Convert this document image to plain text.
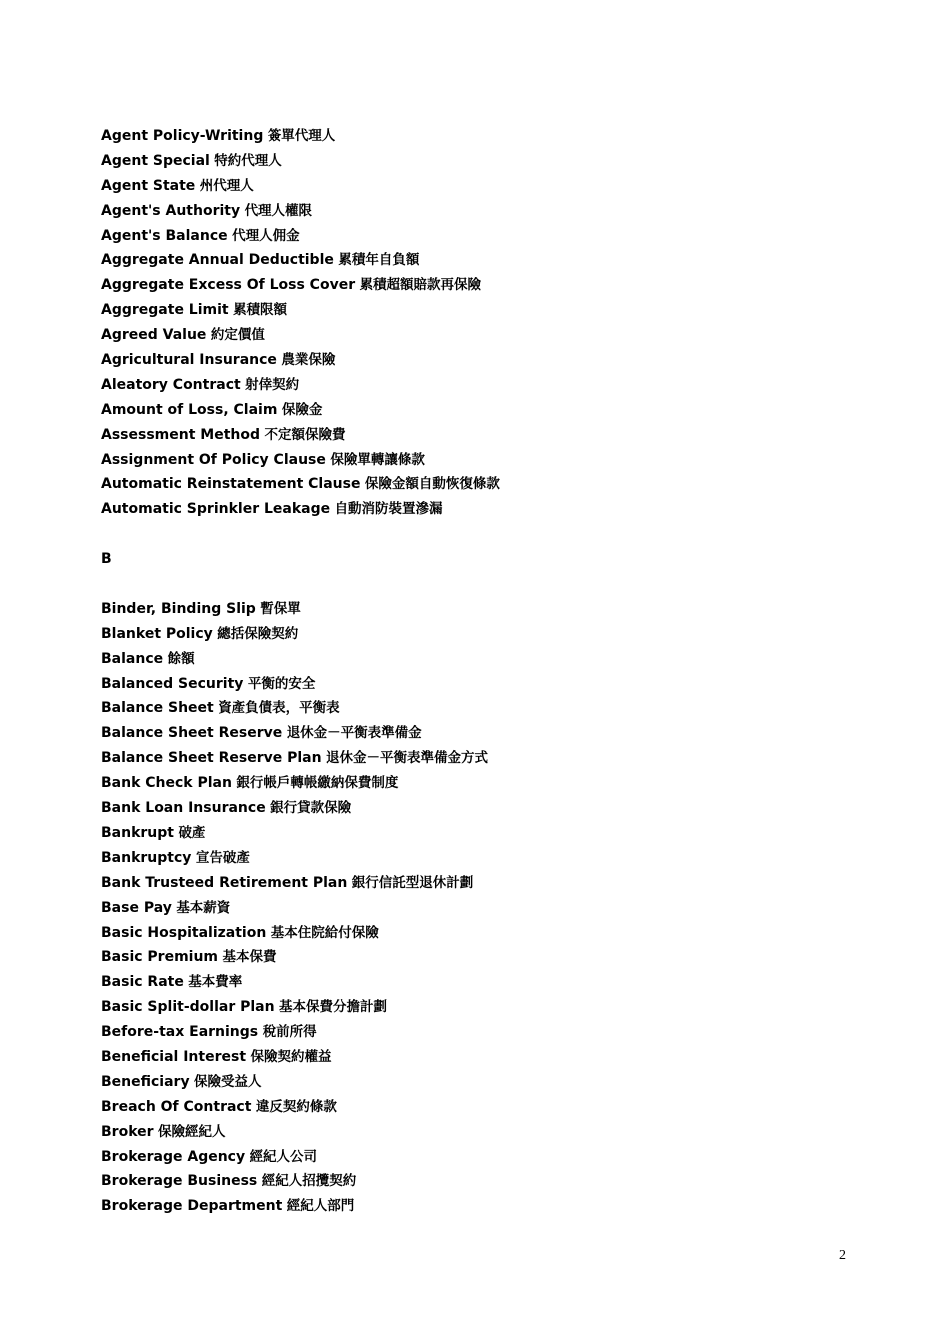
Agent Policy-Writing 簽單代理人
Agent Special 特約代理人
Agent State 州代理人
Agent's Authority 代理人權限
Agent's Balance 代理人佣金
Aggregate Annual Deductible 累積年自負額
Aggregate Excess Of Loss Cover 累積超額賠款再保險
Aggregate Limit 累積限額
Agreed Value 約定價值
Agricultural Insurance 農業保險
Aleatory Contract 射倖契約
Amount of Loss, Claim 保險金
Assessment Method 不定額保險費
Assignment Of Policy Clause 保險單轉讓條款
Automatic Reinstatement Clause 保險金額自動恢復條款
Automatic Sprinkler Leakage 自動消防裝置滲漏
B
Binder, Binding Slip 暫保單
Blanket Policy 總括保險契約
Balance 餘額
Balanced Security 平衡的安全
Balance Sheet 資產負債表，平衡表
Balance Sheet Reserve 退休金－平衡表準備金
Balance Sheet Reserve Plan 退休金－平衡表準備金方式
Bank Check Plan 銀行帳戶轉帳繳納保費制度
Bank Loan Insurance 銀行貸款保險
Bankrupt 破產
Bankruptcy 宣告破產
Bank Trusteed Retirement Plan 銀行信託型退休計劃
Base Pay 基本薪資
Basic Hospitalization 基本住院給付保險
Basic Premium 基本保費
Basic Rate 基本費率
Basic Split-dollar Plan 基本保費分擔計劃
Before-tax Earnings 稅前所得
Beneficial Interest 保險契約權益
Beneficiary 保險受益人
Breach Of Contract 違反契約條款
Broker 保險經紀人
Brokerage Agency 經紀人公司
Brokerage Business 經紀人招攬契約
Brokerage Department 經紀人部門
2
